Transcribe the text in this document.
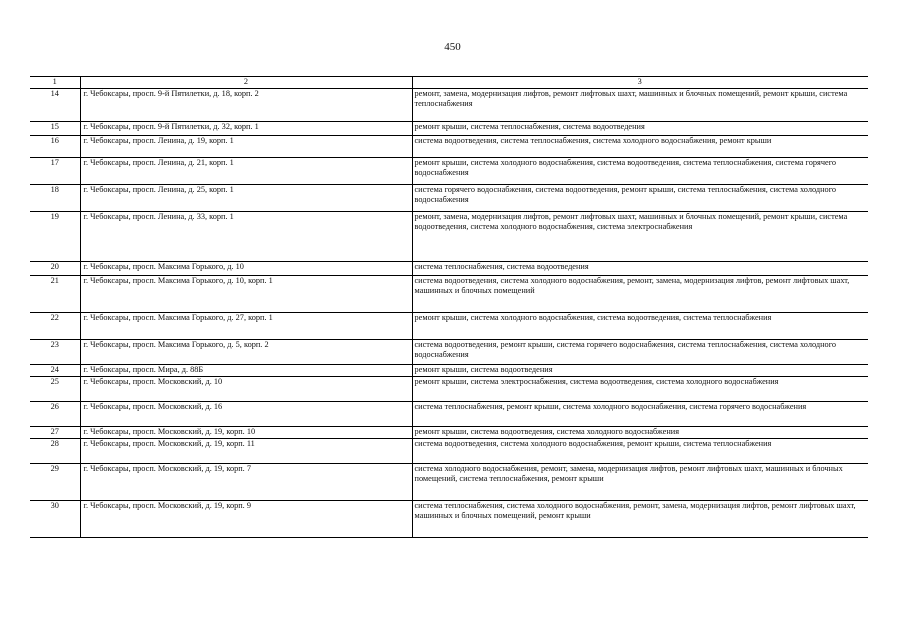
450
1	2	3
14	г. Чебоксары, просп. 9-й Пятилетки, д. 18, корп. 2	ремонт, замена, модернизация лифтов, ремонт лифтовых шахт, машинных и блочных помещений, ремонт крыши, система теплоснабжения
15	г. Чебоксары, просп. 9-й Пятилетки, д. 32, корп. 1	ремонт крыши, система теплоснабжения, система водоотведения
16	г. Чебоксары, просп. Ленина, д. 19, корп. 1	система водоотведения, система теплоснабжения, система холодного водоснабжения, ремонт крыши
17	г. Чебоксары, просп. Ленина, д. 21, корп. 1	ремонт крыши, система холодного водоснабжения, система водоотведения, система теплоснабжения, система горячего водоснабжения
18	г. Чебоксары, просп. Ленина, д. 25, корп. 1	система горячего водоснабжения, система водоотведения, ремонт крыши, система теплоснабжения, система холодного водоснабжения
19	г. Чебоксары, просп. Ленина, д. 33, корп. 1	ремонт, замена, модернизация лифтов, ремонт лифтовых шахт, машинных и блочных помещений, ремонт крыши, система водоотведения, система холодного водоснабжения, система электроснабжения
20	г. Чебоксары, просп. Максима Горького, д. 10	система теплоснабжения, система водоотведения
21	г. Чебоксары, просп. Максима Горького, д. 10, корп. 1	система водоотведения, система холодного водоснабжения, ремонт, замена, модернизация лифтов, ремонт лифтовых шахт, машинных и блочных помещений
22	г. Чебоксары, просп. Максима Горького, д. 27, корп. 1	ремонт крыши, система холодного водоснабжения, система водоотведения, система теплоснабжения
23	г. Чебоксары, просп. Максима Горького, д. 5, корп. 2	система водоотведения, ремонт крыши, система горячего водоснабжения, система теплоснабжения, система холодного водоснабжения
24	г. Чебоксары, просп. Мира, д. 88Б	ремонт крыши, система водоотведения
25	г. Чебоксары, просп. Московский, д. 10	ремонт крыши, система электроснабжения, система водоотведения, система холодного водоснабжения
26	г. Чебоксары, просп. Московский, д. 16	система теплоснабжения, ремонт крыши, система холодного водоснабжения, система горячего водоснабжения
27	г. Чебоксары, просп. Московский, д. 19, корп. 10	ремонт крыши, система водоотведения, система холодного водоснабжения
28	г. Чебоксары, просп. Московский, д. 19, корп. 11	система водоотведения, система холодного водоснабжения, ремонт крыши, система теплоснабжения
29	г. Чебоксары, просп. Московский, д. 19, корп. 7	система холодного водоснабжения, ремонт, замена, модернизация лифтов, ремонт лифтовых шахт, машинных и блочных помещений, система теплоснабжения, ремонт крыши
30	г. Чебоксары, просп. Московский, д. 19, корп. 9	система теплоснабжения, система холодного водоснабжения, ремонт, замена, модернизация лифтов, ремонт лифтовых шахт, машинных и блочных помещений, ремонт крыши
